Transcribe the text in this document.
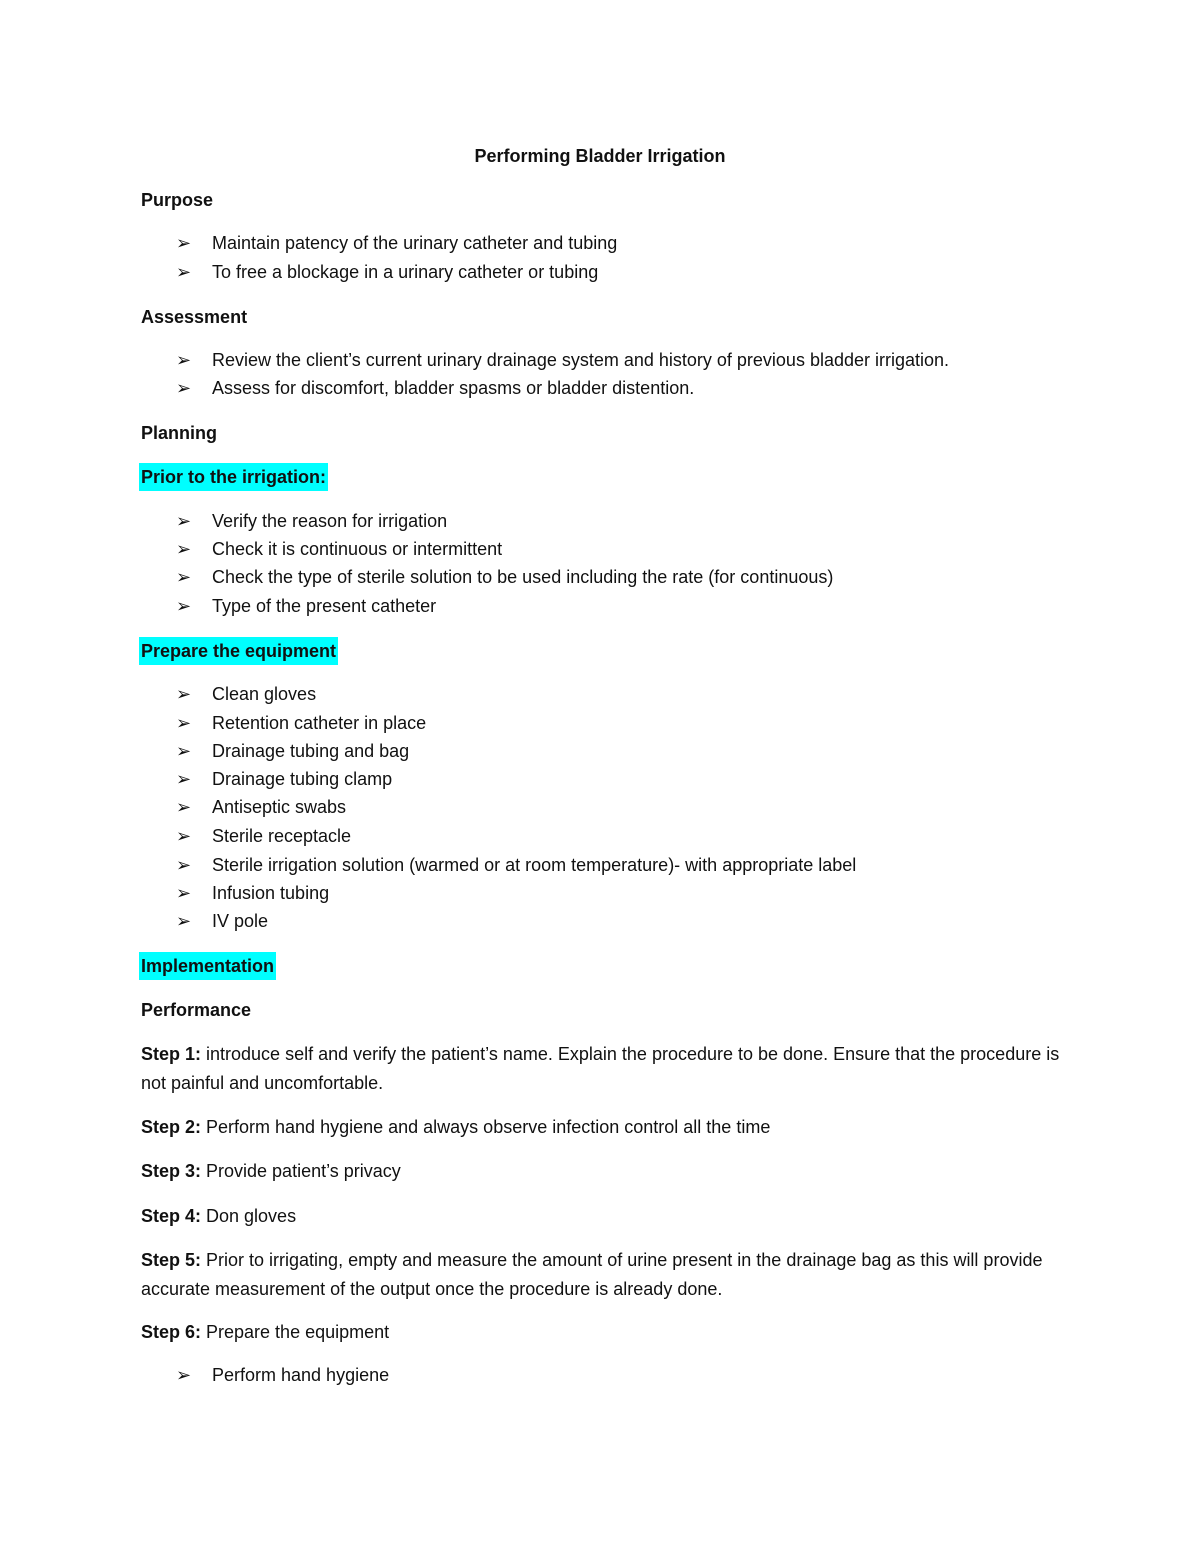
Performing Bladder Irrigation
Purpose
➢	Maintain patency of the urinary catheter and tubing
➢	To free a blockage in a urinary catheter or tubing
Assessment
➢	Review the client’s current urinary drainage system and history of previous bladder irrigation.
➢	Assess for discomfort, bladder spasms or bladder distention.
Planning
Prior to the irrigation:
➢	Verify the reason for irrigation
➢	Check it is continuous or intermittent
➢	Check the type of sterile solution to be used including the rate (for continuous)
➢	Type of the present catheter
Prepare the equipment
➢	Clean gloves
➢	Retention catheter in place
➢	Drainage tubing and bag
➢	Drainage tubing clamp
➢	Antiseptic swabs
➢	Sterile receptacle
➢	Sterile irrigation solution (warmed or at room temperature)- with appropriate label
➢	Infusion tubing
➢	IV pole
Implementation
Performance
Step 1: introduce self and verify the patient’s name. Explain the procedure to be done. Ensure that the procedure is not painful and uncomfortable.
Step 2: Perform hand hygiene and always observe infection control all the time
Step 3: Provide patient’s privacy
Step 4: Don gloves
Step 5: Prior to irrigating, empty and measure the amount of urine present in the drainage bag as this will provide accurate measurement of the output once the procedure is already done.
Step 6: Prepare the equipment
➢	Perform hand hygiene
